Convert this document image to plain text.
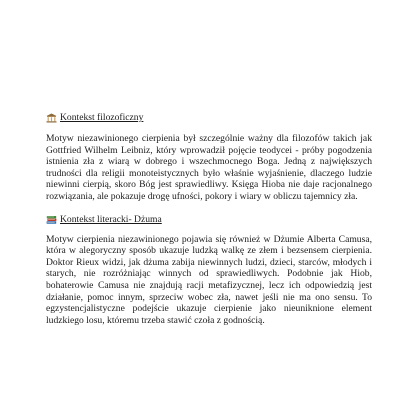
Kontekst filozoficzny

Motyw niezawinionego cierpienia był szczególnie ważny dla filozofów takich jak Gottfried Wilhelm Leibniz, który wprowadził pojęcie teodycei - próby pogodzenia istnienia zła z wiarą w dobrego i wszechmocnego Boga. Jedną z największych trudności dla religii monoteistycznych było właśnie wyjaśnienie, dlaczego ludzie niewinni cierpią, skoro Bóg jest sprawiedliwy. Księga Hioba nie daje racjonalnego rozwiązania, ale pokazuje drogę ufności, pokory i wiary w obliczu tajemnicy zła.

Kontekst literacki- Dżuma

Motyw cierpienia niezawinionego pojawia się również w Dżumie Alberta Camusa, która w alegoryczny sposób ukazuje ludzką walkę ze złem i bezsensem cierpienia. Doktor Rieux widzi, jak dżuma zabija niewinnych ludzi, dzieci, starców, młodych i starych, nie rozróżniając winnych od sprawiedliwych. Podobnie jak Hiob, bohaterowie Camusa nie znajdują racji metafizycznej, lecz ich odpowiedzią jest działanie, pomoc innym, sprzeciw wobec zła, nawet jeśli nie ma ono sensu. To egzystencjalistyczne podejście ukazuje cierpienie jako nieuniknione element ludzkiego losu, któremu trzeba stawić czoła z godnością.
